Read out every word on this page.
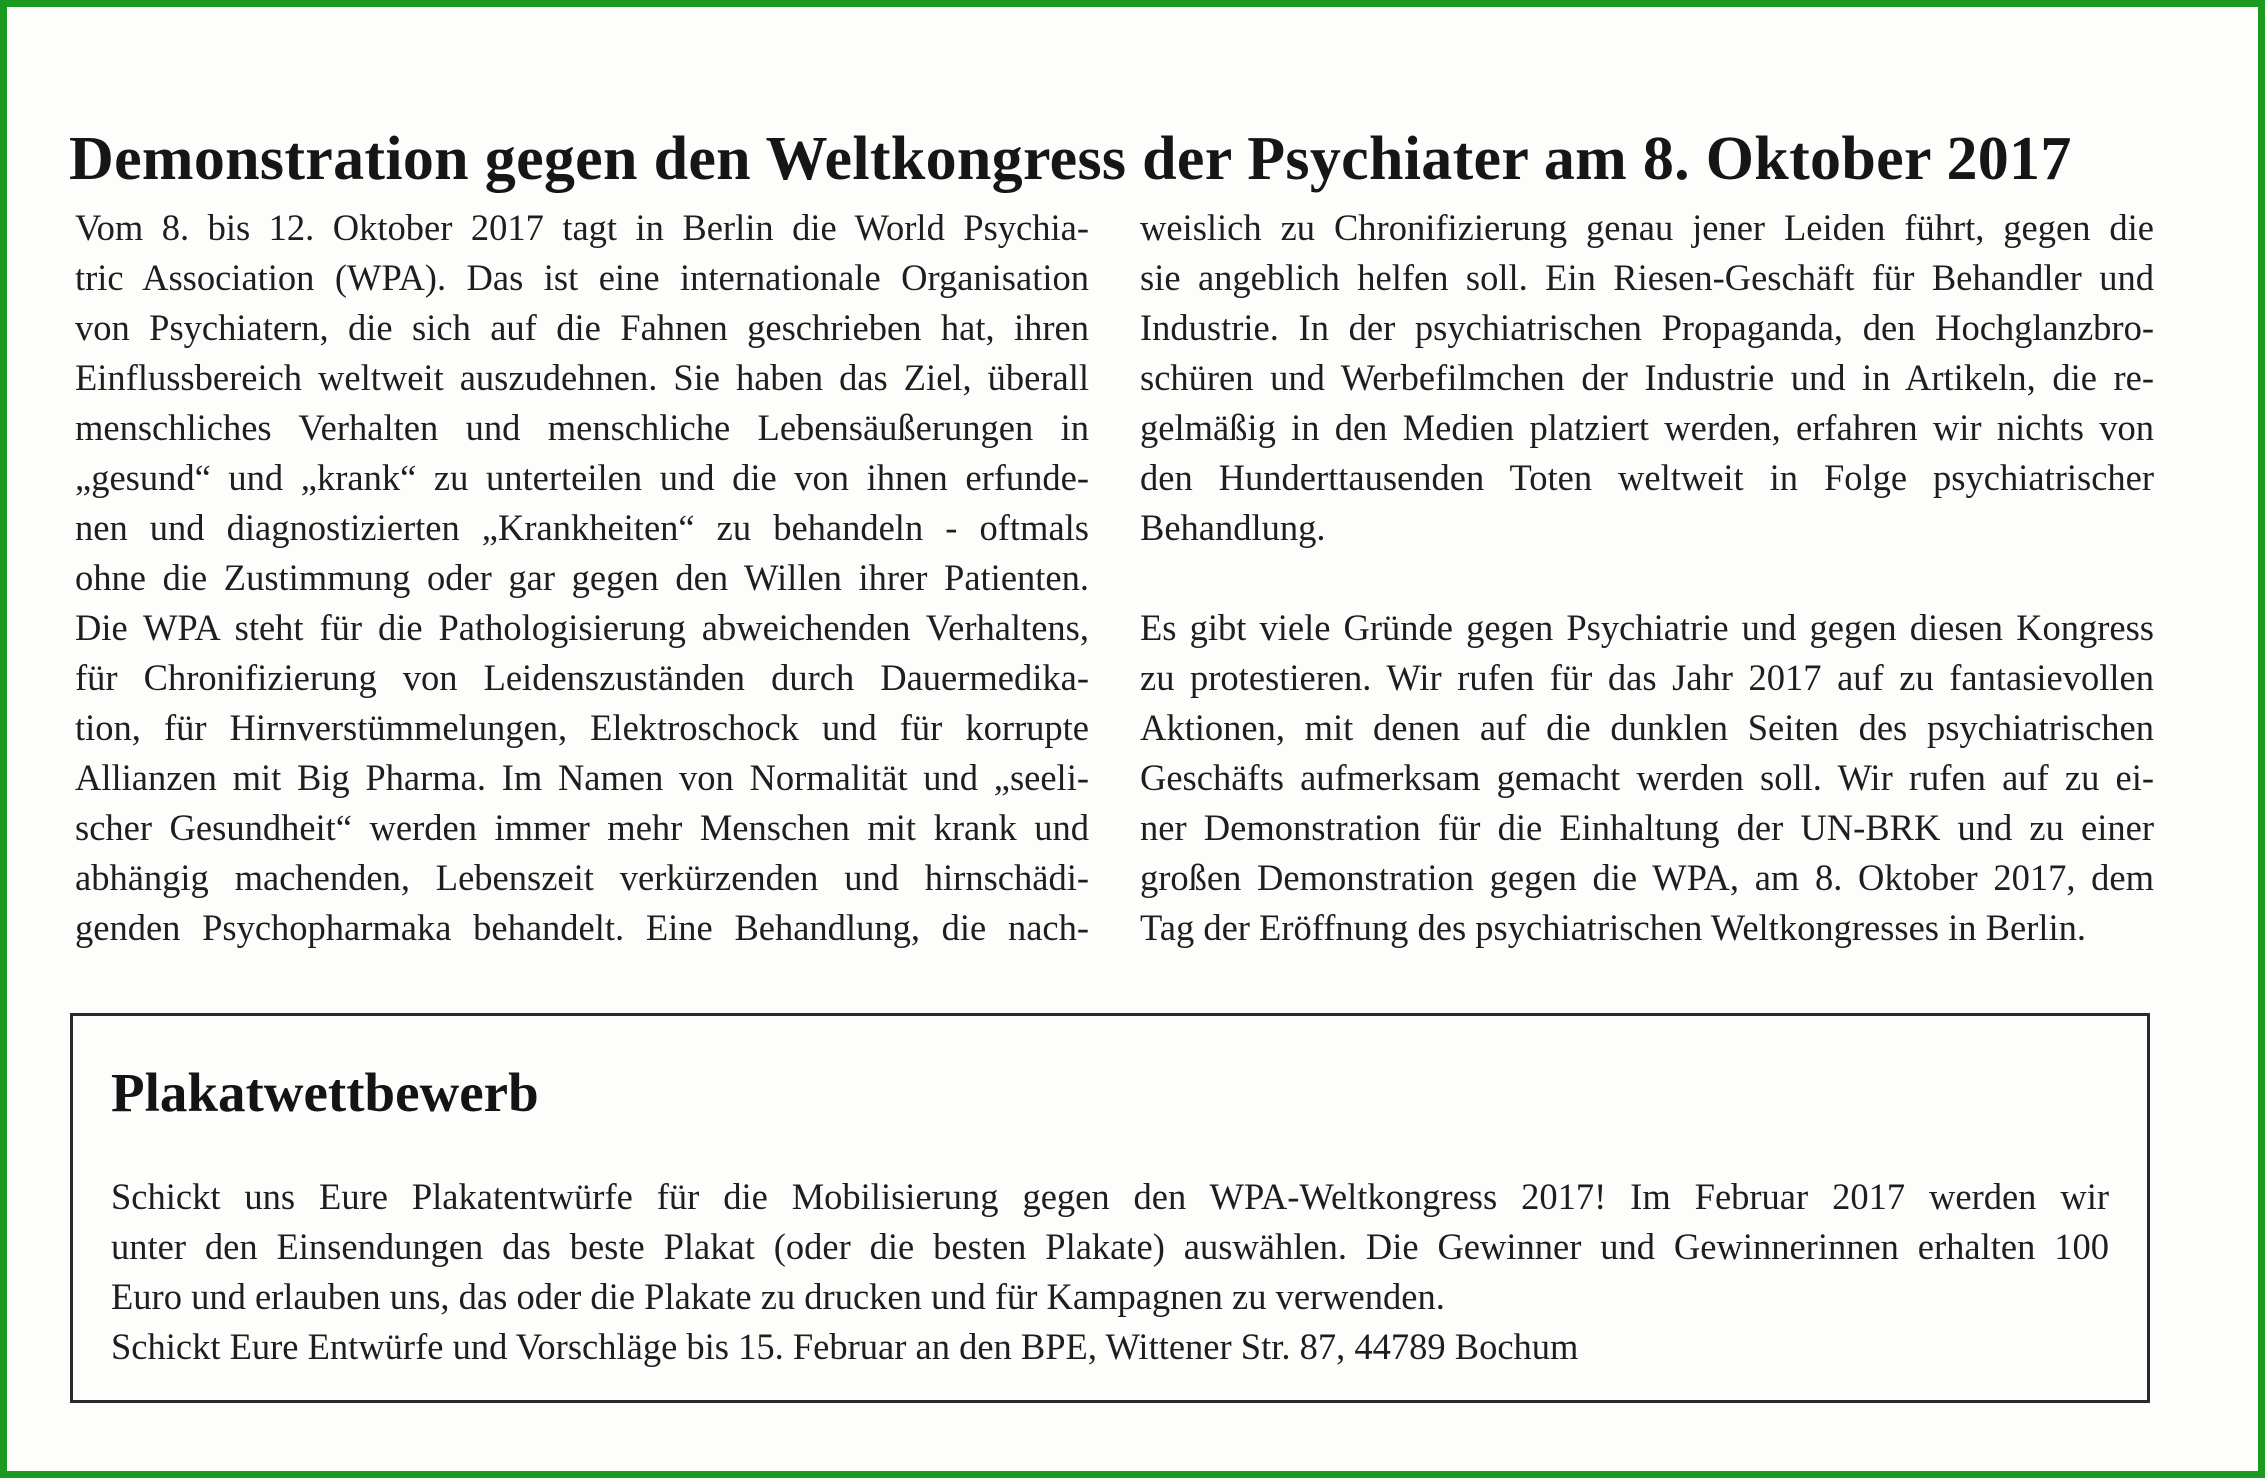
Demonstration gegen den Weltkongress der Psychiater am 8. Oktober 2017
Vom 8. bis 12. Oktober 2017 tagt in Berlin die World Psychia-
tric Association (WPA). Das ist eine internationale Organisation
von Psychiatern, die sich auf die Fahnen geschrieben hat, ihren
Einflussbereich weltweit auszudehnen. Sie haben das Ziel, überall
menschliches Verhalten und menschliche Lebensäußerungen in
„gesund“ und „krank“ zu unterteilen und die von ihnen erfunde-
nen und diagnostizierten „Krankheiten“ zu behandeln - oftmals
ohne die Zustimmung oder gar gegen den Willen ihrer Patienten.
Die WPA steht für die Pathologisierung abweichenden Verhaltens,
für Chronifizierung von Leidenszuständen durch Dauermedika-
tion, für Hirnverstümmelungen, Elektroschock und für korrupte
Allianzen mit Big Pharma. Im Namen von Normalität und „seeli-
scher Gesundheit“ werden immer mehr Menschen mit krank und
abhängig machenden, Lebenszeit verkürzenden und hirnschädi-
genden Psychopharmaka behandelt. Eine Behandlung, die nach-
weislich zu Chronifizierung genau jener Leiden führt, gegen die
sie angeblich helfen soll. Ein Riesen-Geschäft für Behandler und
Industrie. In der psychiatrischen Propaganda, den Hochglanzbro-
schüren und Werbefilmchen der Industrie und in Artikeln, die re-
gelmäßig in den Medien platziert werden, erfahren wir nichts von
den Hunderttausenden Toten weltweit in Folge psychiatrischer
Behandlung.
Es gibt viele Gründe gegen Psychiatrie und gegen diesen Kongress
zu protestieren. Wir rufen für das Jahr 2017 auf zu fantasievollen
Aktionen, mit denen auf die dunklen Seiten des psychiatrischen
Geschäfts aufmerksam gemacht werden soll. Wir rufen auf zu ei-
ner Demonstration für die Einhaltung der UN-BRK und zu einer
großen Demonstration gegen die WPA, am 8. Oktober 2017, dem
Tag der Eröffnung des psychiatrischen Weltkongresses in Berlin.
Plakatwettbewerb
Schickt uns Eure Plakatentwürfe für die Mobilisierung gegen den WPA-Weltkongress 2017! Im Februar 2017 werden wir
unter den Einsendungen das beste Plakat (oder die besten Plakate) auswählen. Die Gewinner und Gewinnerinnen erhalten 100
Euro und erlauben uns, das oder die Plakate zu drucken und für Kampagnen zu verwenden.
Schickt Eure Entwürfe und Vorschläge bis 15. Februar an den BPE, Wittener Str. 87, 44789 Bochum
